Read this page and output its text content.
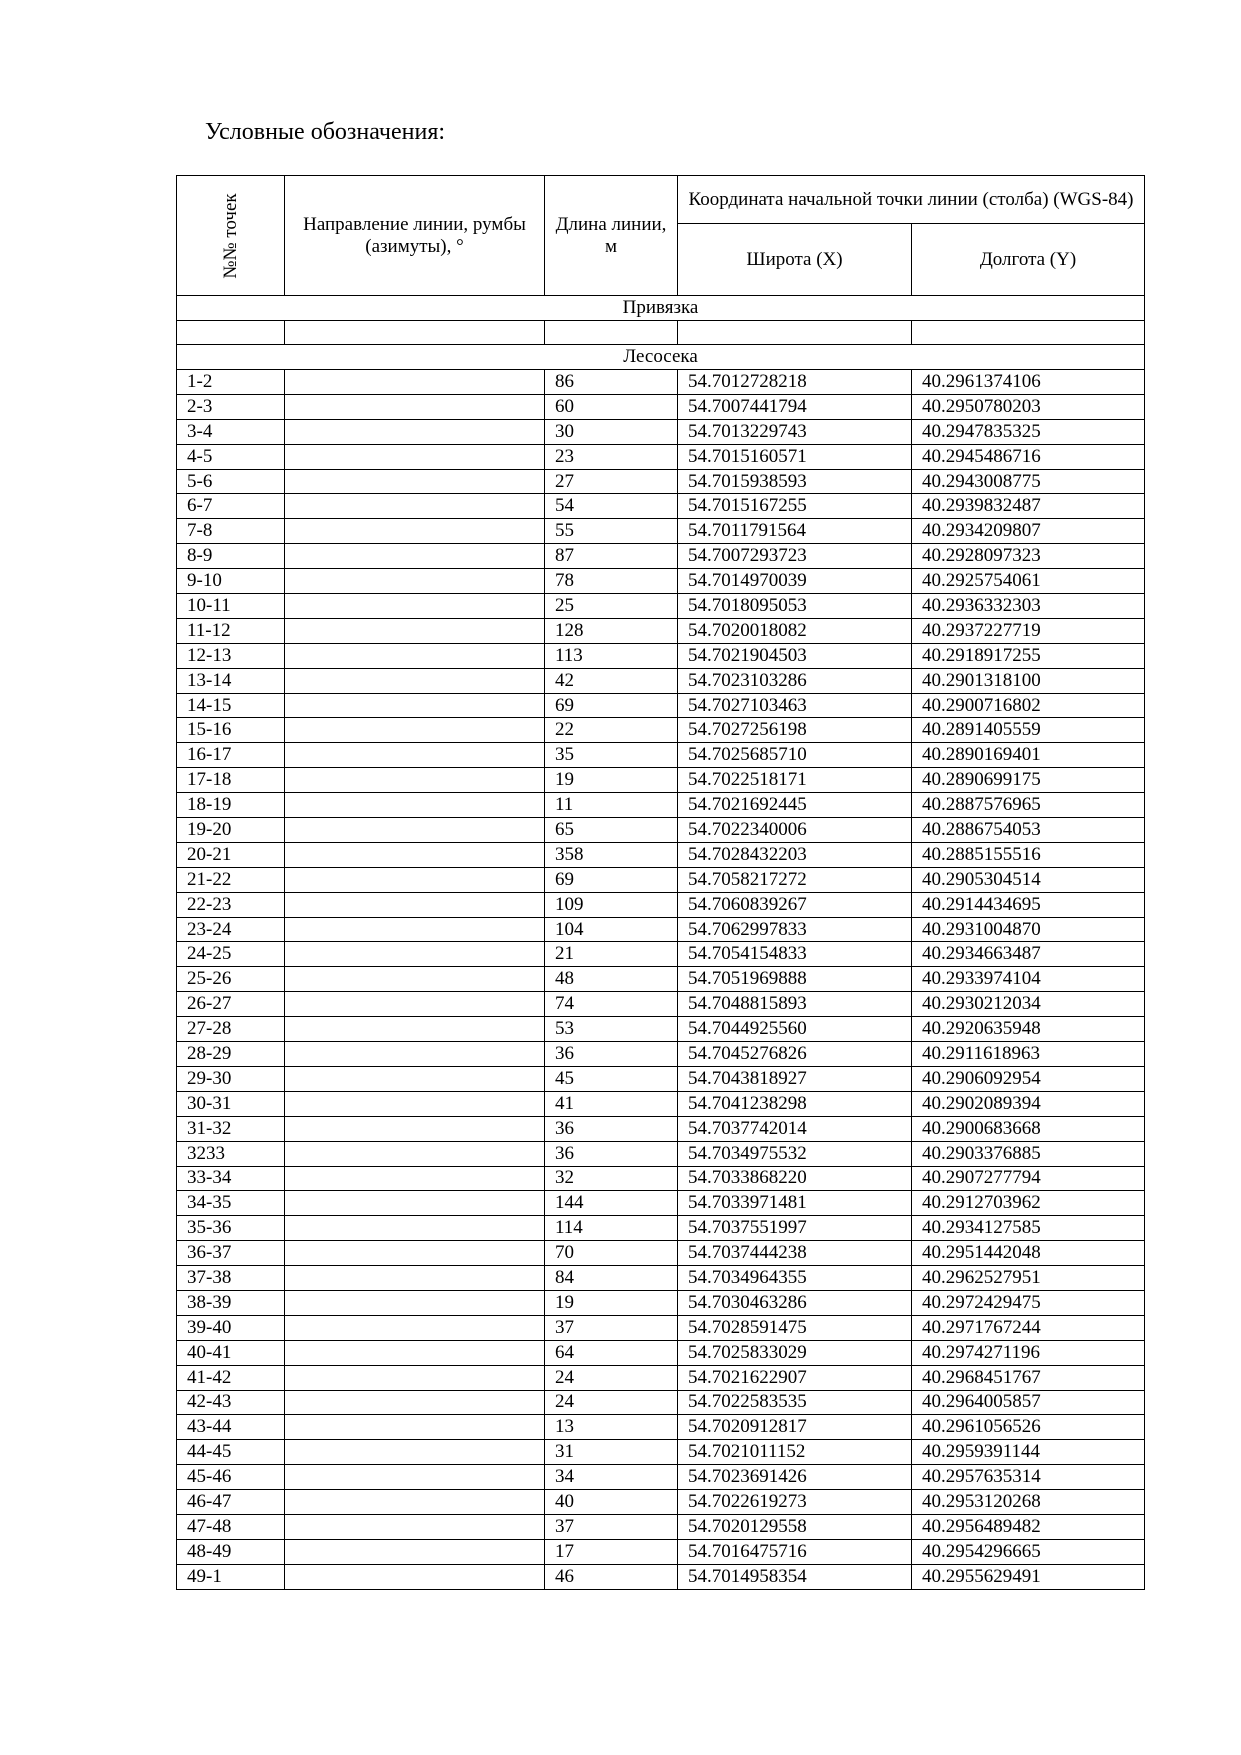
Условные обозначения:
№№ точек	Направление линии, румбы (азимуты), °	Длина линии, м	Координата начальной точки линии (столба) (WGS-84)	
			Широта (X)	Долгота (Y)
Привязка				

Лесосека				
1-2		86	54.7012728218	40.2961374106
2-3		60	54.7007441794	40.2950780203
3-4		30	54.7013229743	40.2947835325
4-5		23	54.7015160571	40.2945486716
5-6		27	54.7015938593	40.2943008775
6-7		54	54.7015167255	40.2939832487
7-8		55	54.7011791564	40.2934209807
8-9		87	54.7007293723	40.2928097323
9-10		78	54.7014970039	40.2925754061
10-11		25	54.7018095053	40.2936332303
11-12		128	54.7020018082	40.2937227719
12-13		113	54.7021904503	40.2918917255
13-14		42	54.7023103286	40.2901318100
14-15		69	54.7027103463	40.2900716802
15-16		22	54.7027256198	40.2891405559
16-17		35	54.7025685710	40.2890169401
17-18		19	54.7022518171	40.2890699175
18-19		11	54.7021692445	40.2887576965
19-20		65	54.7022340006	40.2886754053
20-21		358	54.7028432203	40.2885155516
21-22		69	54.7058217272	40.2905304514
22-23		109	54.7060839267	40.2914434695
23-24		104	54.7062997833	40.2931004870
24-25		21	54.7054154833	40.2934663487
25-26		48	54.7051969888	40.2933974104
26-27		74	54.7048815893	40.2930212034
27-28		53	54.7044925560	40.2920635948
28-29		36	54.7045276826	40.2911618963
29-30		45	54.7043818927	40.2906092954
30-31		41	54.7041238298	40.2902089394
31-32		36	54.7037742014	40.2900683668
3233		36	54.7034975532	40.2903376885
33-34		32	54.7033868220	40.2907277794
34-35		144	54.7033971481	40.2912703962
35-36		114	54.7037551997	40.2934127585
36-37		70	54.7037444238	40.2951442048
37-38		84	54.7034964355	40.2962527951
38-39		19	54.7030463286	40.2972429475
39-40		37	54.7028591475	40.2971767244
40-41		64	54.7025833029	40.2974271196
41-42		24	54.7021622907	40.2968451767
42-43		24	54.7022583535	40.2964005857
43-44		13	54.7020912817	40.2961056526
44-45		31	54.7021011152	40.2959391144
45-46		34	54.7023691426	40.2957635314
46-47		40	54.7022619273	40.2953120268
47-48		37	54.7020129558	40.2956489482
48-49		17	54.7016475716	40.2954296665
49-1		46	54.7014958354	40.2955629491
